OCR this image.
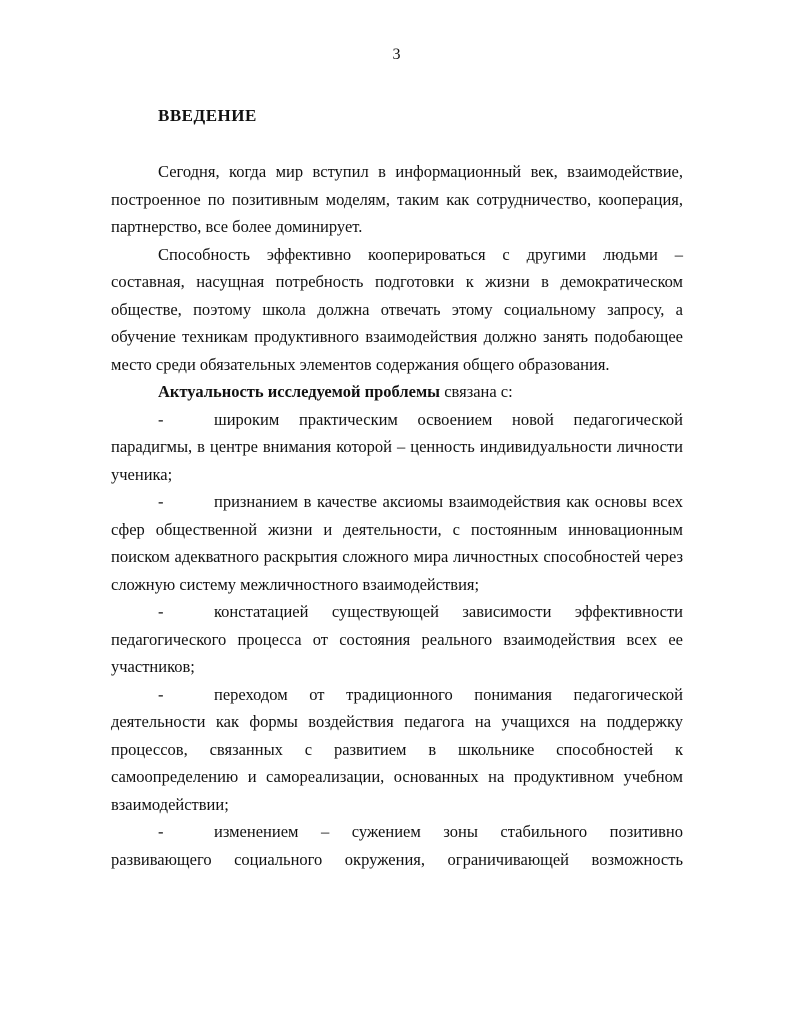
3
ВВЕДЕНИЕ

Сегодня, когда мир вступил в информационный век, взаимодействие, построенное по позитивным моделям, таким как сотрудничество, кооперация, партнерство, все более доминирует.

Способность эффективно кооперироваться с другими людьми – составная, насущная потребность подготовки к жизни в демократическом обществе, поэтому школа должна отвечать этому социальному запросу, а обучение техникам продуктивного взаимодействия должно занять подобающее место среди обязательных элементов содержания общего образования.

Актуальность исследуемой проблемы связана с:

-	широким практическим освоением новой педагогической парадигмы, в центре внимания которой – ценность индивидуальности личности ученика;

-	признанием в качестве аксиомы взаимодействия как основы всех сфер общественной жизни и деятельности, с постоянным инновационным поиском адекватного раскрытия сложного мира личностных способностей через сложную систему межличностного взаимодействия;

-	констатацией существующей зависимости эффективности педагогического процесса от состояния реального взаимодействия всех ее участников;

-	переходом от традиционного понимания педагогической деятельности как формы воздействия педагога на учащихся на поддержку процессов, связанных с развитием в школьнике способностей к самоопределению и самореализации, основанных на продуктивном учебном взаимодействии;

-	изменением – сужением зоны стабильного позитивно развивающего социального окружения, ограничивающей возможность
